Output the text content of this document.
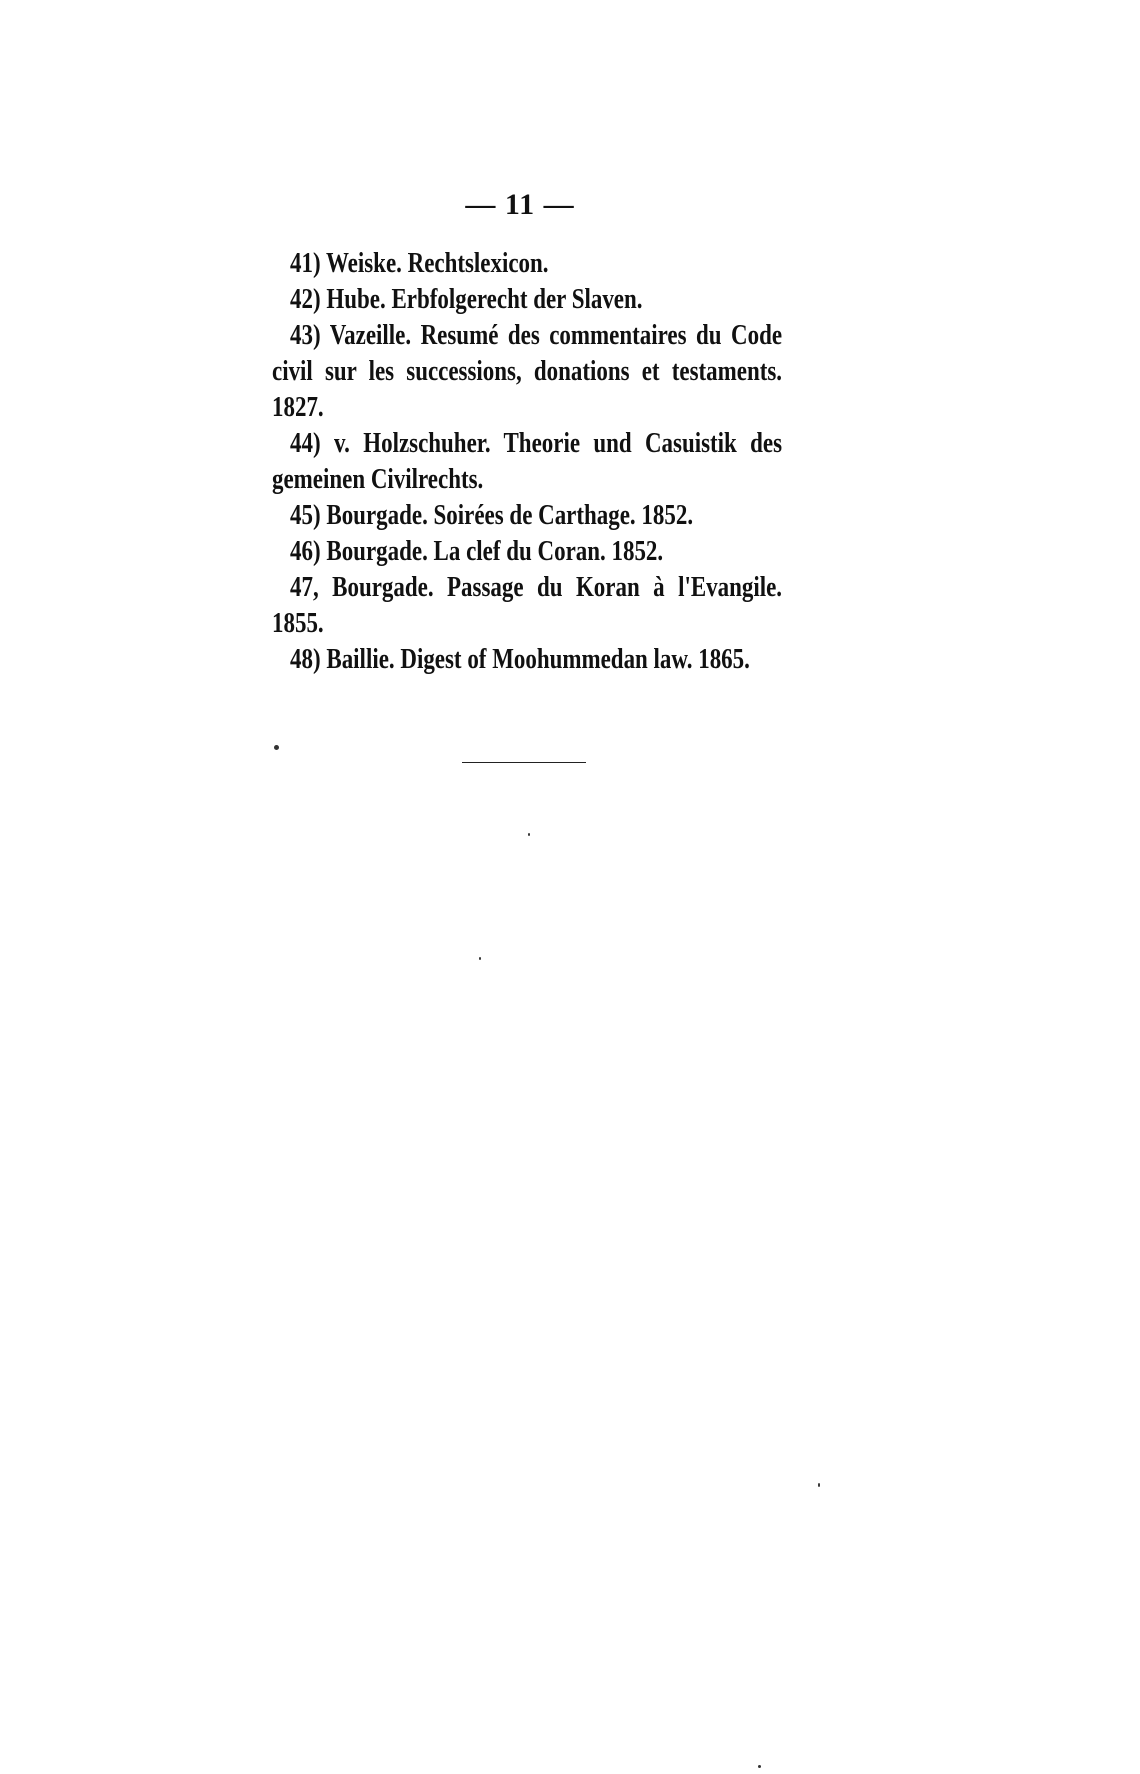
— 11 —

41) Weiske. Rechtslexicon.

42) Hube. Erbfolgerecht der Slaven.

43) Vazeille. Resumé des commentaires du Code civil sur les successions, donations et testaments. 1827.

44) v. Holzschuher. Theorie und Casuistik des gemeinen Civilrechts.

45) Bourgade. Soirées de Carthage. 1852.

46) Bourgade. La clef du Coran. 1852.

47, Bourgade. Passage du Koran à l'Evangile. 1855.

48) Baillie. Digest of Moohummedan law. 1865.
